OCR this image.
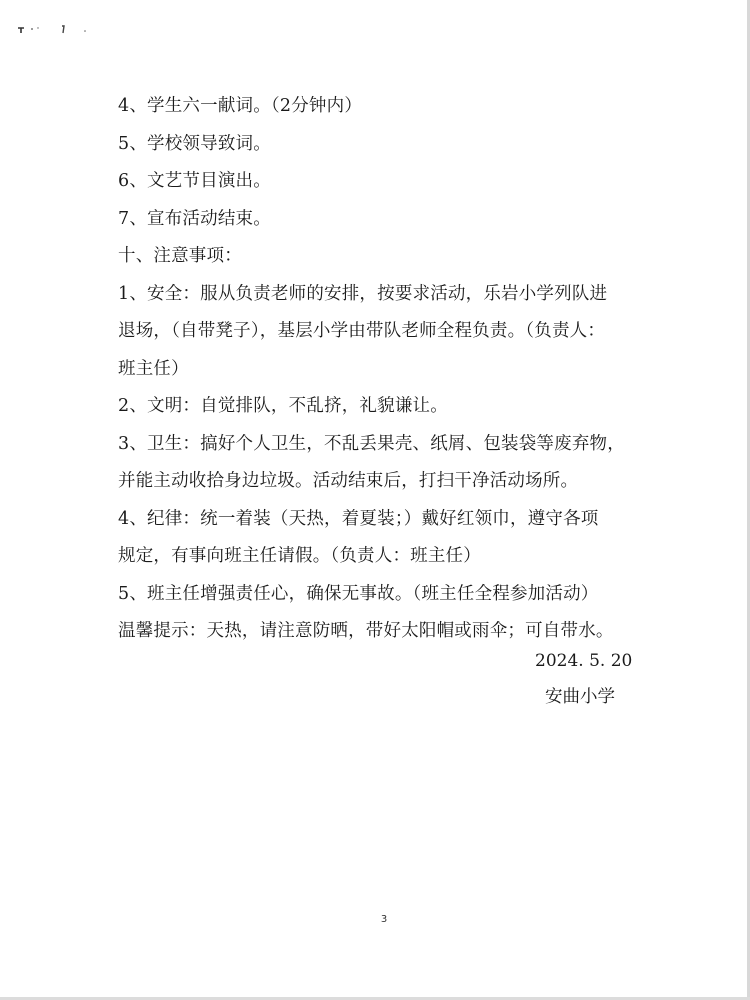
4、学生六一献词。（2分钟内）
5、学校领导致词。
6、文艺节目演出。
7、宣布活动结束。
十、注意事项：
1、安全：服从负责老师的安排，按要求活动，乐岩小学列队进
退场，（自带凳子），基层小学由带队老师全程负责。（负责人：
班主任）
2、文明：自觉排队，不乱挤，礼貌谦让。
3、卫生：搞好个人卫生，不乱丢果壳、纸屑、包装袋等废弃物，
并能主动收拾身边垃圾。活动结束后，打扫干净活动场所。
4、纪律：统一着装（天热，着夏装；）戴好红领巾，遵守各项
规定，有事向班主任请假。（负责人：班主任）
5、班主任增强责任心，确保无事故。（班主任全程参加活动）
温馨提示：天热，请注意防晒，带好太阳帽或雨伞；可自带水。
2024. 5. 20
安曲小学
3
